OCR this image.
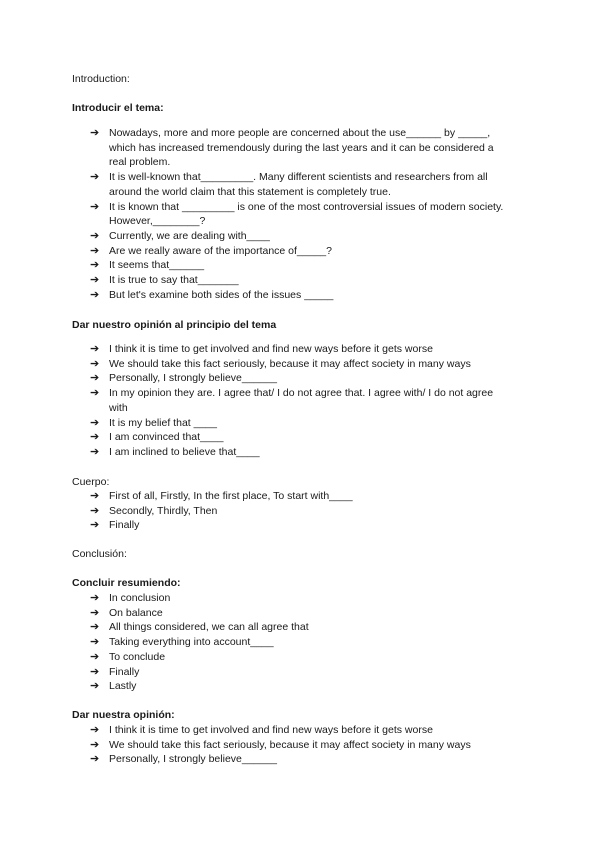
Introduction:

Introducir el tema:

➔ Nowadays, more and more people are concerned about the use______ by _____, which has increased tremendously during the last years and it can be considered a real problem.
➔ It is well-known that_________. Many different scientists and researchers from all around the world claim that this statement is completely true.
➔ It is known that _________ is one of the most controversial issues of modern society. However,________?
➔ Currently, we are dealing with____
➔ Are we really aware of the importance of_____?
➔ It seems that______
➔ It is true to say that_______
➔ But let's examine both sides of the issues _____

Dar nuestro opinión al principio del tema

➔ I think it is time to get involved and find new ways before it gets worse
➔ We should take this fact seriously, because it may affect society in many ways
➔ Personally, I strongly believe______
➔ In my opinion they are. I agree that/ I do not agree that. I agree with/ I do not agree with
➔ It is my belief that ____
➔ I am convinced that____
➔ I am inclined to believe that____

Cuerpo:

➔ First of all, Firstly, In the first place, To start with____
➔ Secondly, Thirdly, Then
➔ Finally

Conclusión:

Concluir resumiendo:

➔ In conclusion
➔ On balance
➔ All things considered, we can all agree that
➔ Taking everything into account____
➔ To conclude
➔ Finally
➔ Lastly

Dar nuestra opinión:

➔ I think it is time to get involved and find new ways before it gets worse
➔ We should take this fact seriously, because it may affect society in many ways
➔ Personally, I strongly believe______
